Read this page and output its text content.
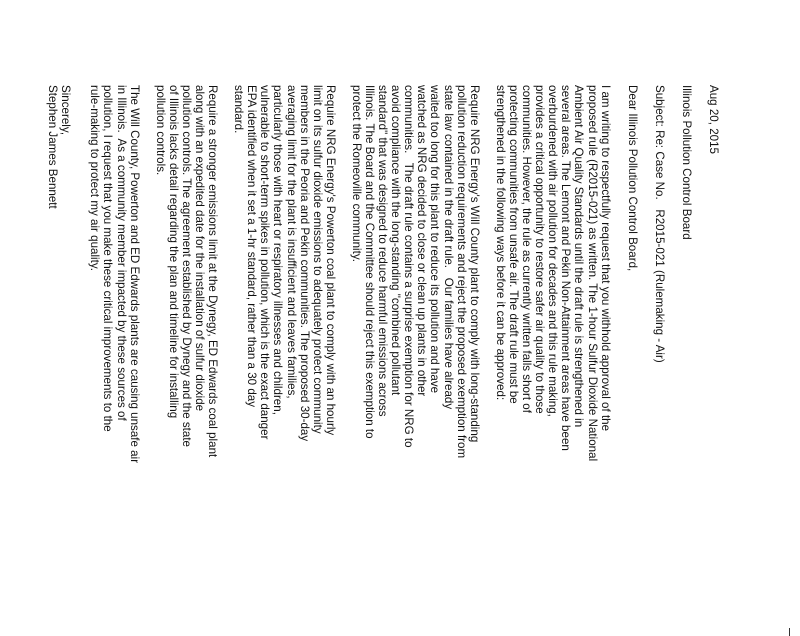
Aug 20, 2015

Illinois Pollution Control Board

Subject: Re: Case No.   R2015-021 (Rulemaking - Air)

Dear Illinois Pollution Control Board,

I am writing to respectfully request that you withhold approval of the

proposed rule (R2015-021) as written. The 1-hour Sulfur Dioxide National

Ambient Air Quality Standards until the draft rule is strengthened in

several areas. The Lemont and Pekin Non-Attainment areas have been

overburdened with air pollution for decades and this rule making,

provides a critical opportunity to restore safer air quality to those

communities. However, the rule as currently written falls short of

protecting communities from unsafe air. The draft rule must be

strengthened in the following ways before it can be approved:

Require NRG Energy's Will County plant to comply with long-standing

pollution reduction requirements and reject the proposed exemption from

state law contained in the draft rule.   Our families have already

waited too long for this plant to reduce its pollution and have

watched as NRG decided to close or clean up plants in other

communities.   The draft rule contains a surprise exemption for NRG to

avoid compliance with the long-standing "combined pollutant

standard" that was designed to reduce harmful emissions across

Illinois. The Board and the Committee should reject this exemption to

protect the Romeoville community.

Require NRG Energy's Powerton coal plant to comply with an hourly

limit on its sulfur dioxide emissions to adequately protect community

members in the Peoria and Pekin communities. The proposed 30-day

averaging limit for the plant is insufficient and leaves families,

particularly those with heart or respiratory illnesses and children,

vulnerable to short-term spikes in pollution, which is the exact danger

EPA identified when it set a 1-hr standard, rather than a 30 day

standard.

Require a stronger emissions limit at the Dynegy, ED Edwards coal plant

along with an expedited date for the installation of sulfur dioxide

pollution controls. The agreement established by Dynegy and the state

of Illinois lacks detail regarding the plan and timeline for installing

pollution controls.

The Will County, Powerton and ED Edwards plants are causing unsafe air

in Illinois.  As a community member impacted by these sources of

pollution, I request that you make these critical improvements to the

rule-making to protect my air quality.

Sincerely,

Stephen James Bennett
